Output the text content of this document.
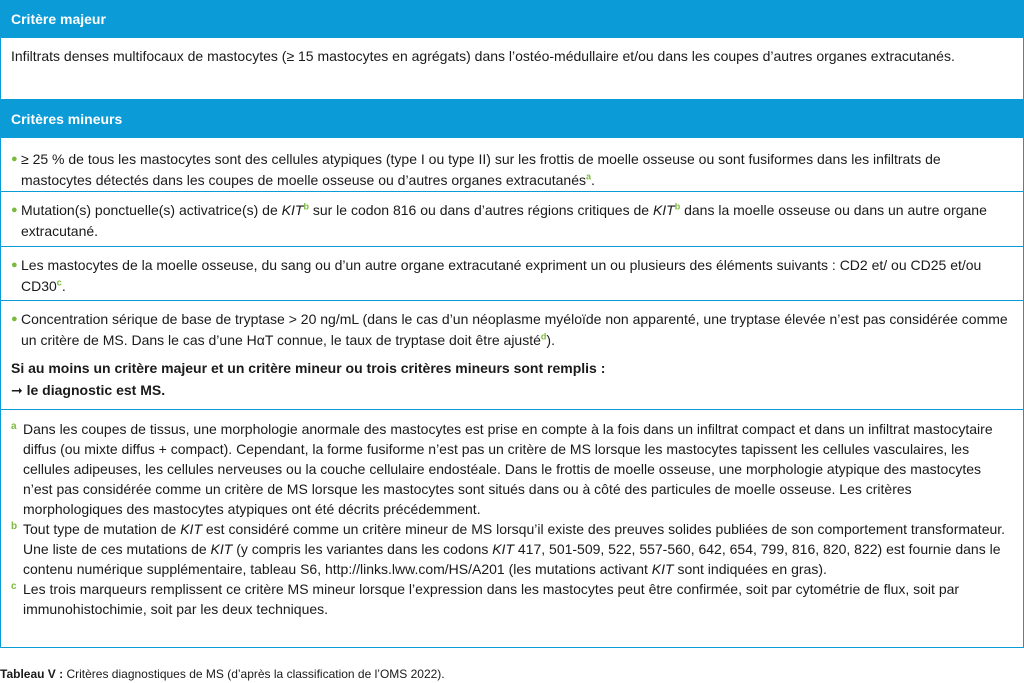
Critère majeur
Infiltrats denses multifocaux de mastocytes (≥ 15 mastocytes en agrégats) dans l’ostéo-médullaire et/ou dans les coupes d’autres organes extracutanés.
Critères mineurs
● ≥ 25 % de tous les mastocytes sont des cellules atypiques (type I ou type II) sur les frottis de moelle osseuse ou sont fusiformes dans les infiltrats de mastocytes détectés dans les coupes de moelle osseuse ou d’autres organes extracutanés$^a$.
● Mutation(s) ponctuelle(s) activatrice(s) de KIT$^b$ sur le codon 816 ou dans d’autres régions critiques de KIT$^b$ dans la moelle osseuse ou dans un autre organe extracutané.
● Les mastocytes de la moelle osseuse, du sang ou d’un autre organe extracutané expriment un ou plusieurs des éléments suivants : CD2 et/ ou CD25 et/ou CD30$^c$.
● Concentration sérique de base de tryptase > 20 ng/mL (dans le cas d’un néoplasme myéloïde non apparenté, une tryptase élevée n’est pas considérée comme un critère de MS. Dans le cas d’une HαT connue, le taux de tryptase doit être ajusté$^d$).
Si au moins un critère majeur et un critère mineur ou trois critères mineurs sont remplis :
➞ le diagnostic est MS.
a Dans les coupes de tissus, une morphologie anormale des mastocytes est prise en compte à la fois dans un infiltrat compact et dans un infiltrat mastocytaire diffus (ou mixte diffus + compact). Cependant, la forme fusiforme n’est pas un critère de MS lorsque les mastocytes tapissent les cellules vasculaires, les cellules adipeuses, les cellules nerveuses ou la couche cellulaire endostéale. Dans le frottis de moelle osseuse, une morphologie atypique des mastocytes n’est pas considérée comme un critère de MS lorsque les mastocytes sont situés dans ou à côté des particules de moelle osseuse. Les critères morphologiques des mastocytes atypiques ont été décrits précédemment.
b Tout type de mutation de KIT est considéré comme un critère mineur de MS lorsqu’il existe des preuves solides publiées de son comportement transformateur. Une liste de ces mutations de KIT (y compris les variantes dans les codons KIT 417, 501-509, 522, 557-560, 642, 654, 799, 816, 820, 822) est fournie dans le contenu numérique supplémentaire, tableau S6, http://links.lww.com/HS/A201 (les mutations activant KIT sont indiquées en gras).
c Les trois marqueurs remplissent ce critère MS mineur lorsque l’expression dans les mastocytes peut être confirmée, soit par cytométrie de flux, soit par immunohistochimie, soit par les deux techniques.
Tableau V : Critères diagnostiques de MS (d’après la classification de l’OMS 2022).
